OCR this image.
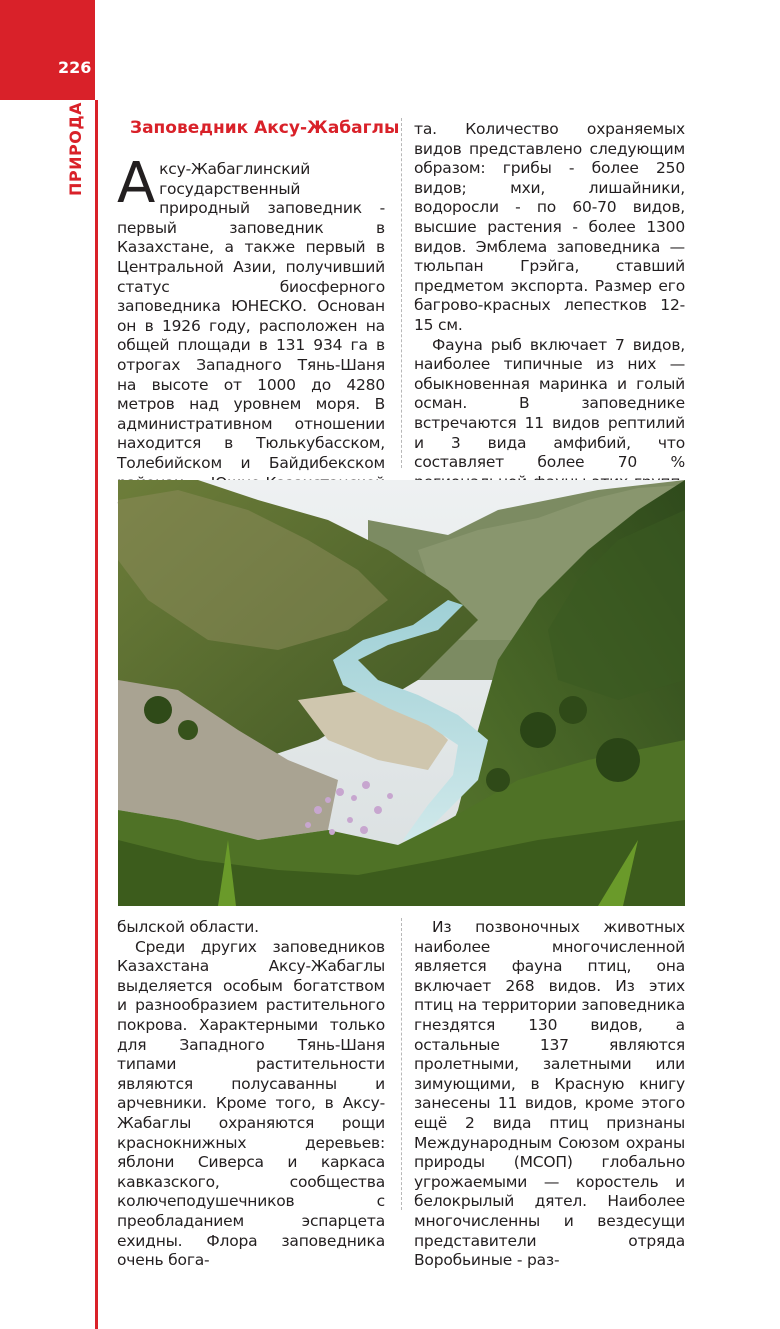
226
ПРИРОДА	Заповедник Аксу-Жабаглы

Аксу-Жабаглинский государственный природный заповедник - первый заповедник в Казахстане, а также первый в Центральной Азии, получивший статус биосферного заповедника ЮНЕСКО. Основан он в 1926 году, расположен на общей площади в 131 934 га в отрогах Западного Тянь-Шаня на высоте от 1000 до 4280 метров над уровнем моря. В административном отношении находится в Тюлькубасском, Толебийском и Байдибекском

та. Количество охраняемых видов представлено следующим образом: грибы - более 250 видов; мхи, лишайники, водоросли - по 60-70 видов, высшие растения - более 1300 видов. Эмблема заповедника — тюльпан Грэйга, ставший предметом экспорта. Размер его багрово-красных лепестков 12-15 см.

Фауна рыб включает 7 видов, наиболее типичные из них — обыкновенная маринка и голый осман. В заповеднике встречаются 11 видов рептилий и 3 вида амфибий, что составляет более 70 %

былской области.

Среди других заповедников Казахстана Аксу-Жабаглы выделяется особым богатством и разнообразием растительного покрова. Характерными только для Западного Тянь-Шаня типами растительности являются полусаванны и арчевники. Кроме того, в Аксу-Жабаглы охраняются рощи краснокнижных деревьев: яблони Сиверса и каркаса кавказского, сообщества колючеподушечников с преобладанием эспарцета ехидны. Флора заповедника очень бога-

Из позвоночных животных наиболее многочисленной является фауна птиц, она включает 268 видов. Из этих птиц на территории заповедника гнездятся 130 видов, а остальные 137 являются пролетными, залетными или зимующими, в Красную книгу занесены 11 видов, кроме этого ещё 2 вида птиц признаны Международным Союзом охраны природы (МСОП) глобально угрожаемыми — коростель и белокрылый дятел. Наиболее многочисленны и вездесущи представители отряда Воробьиные - раз-
